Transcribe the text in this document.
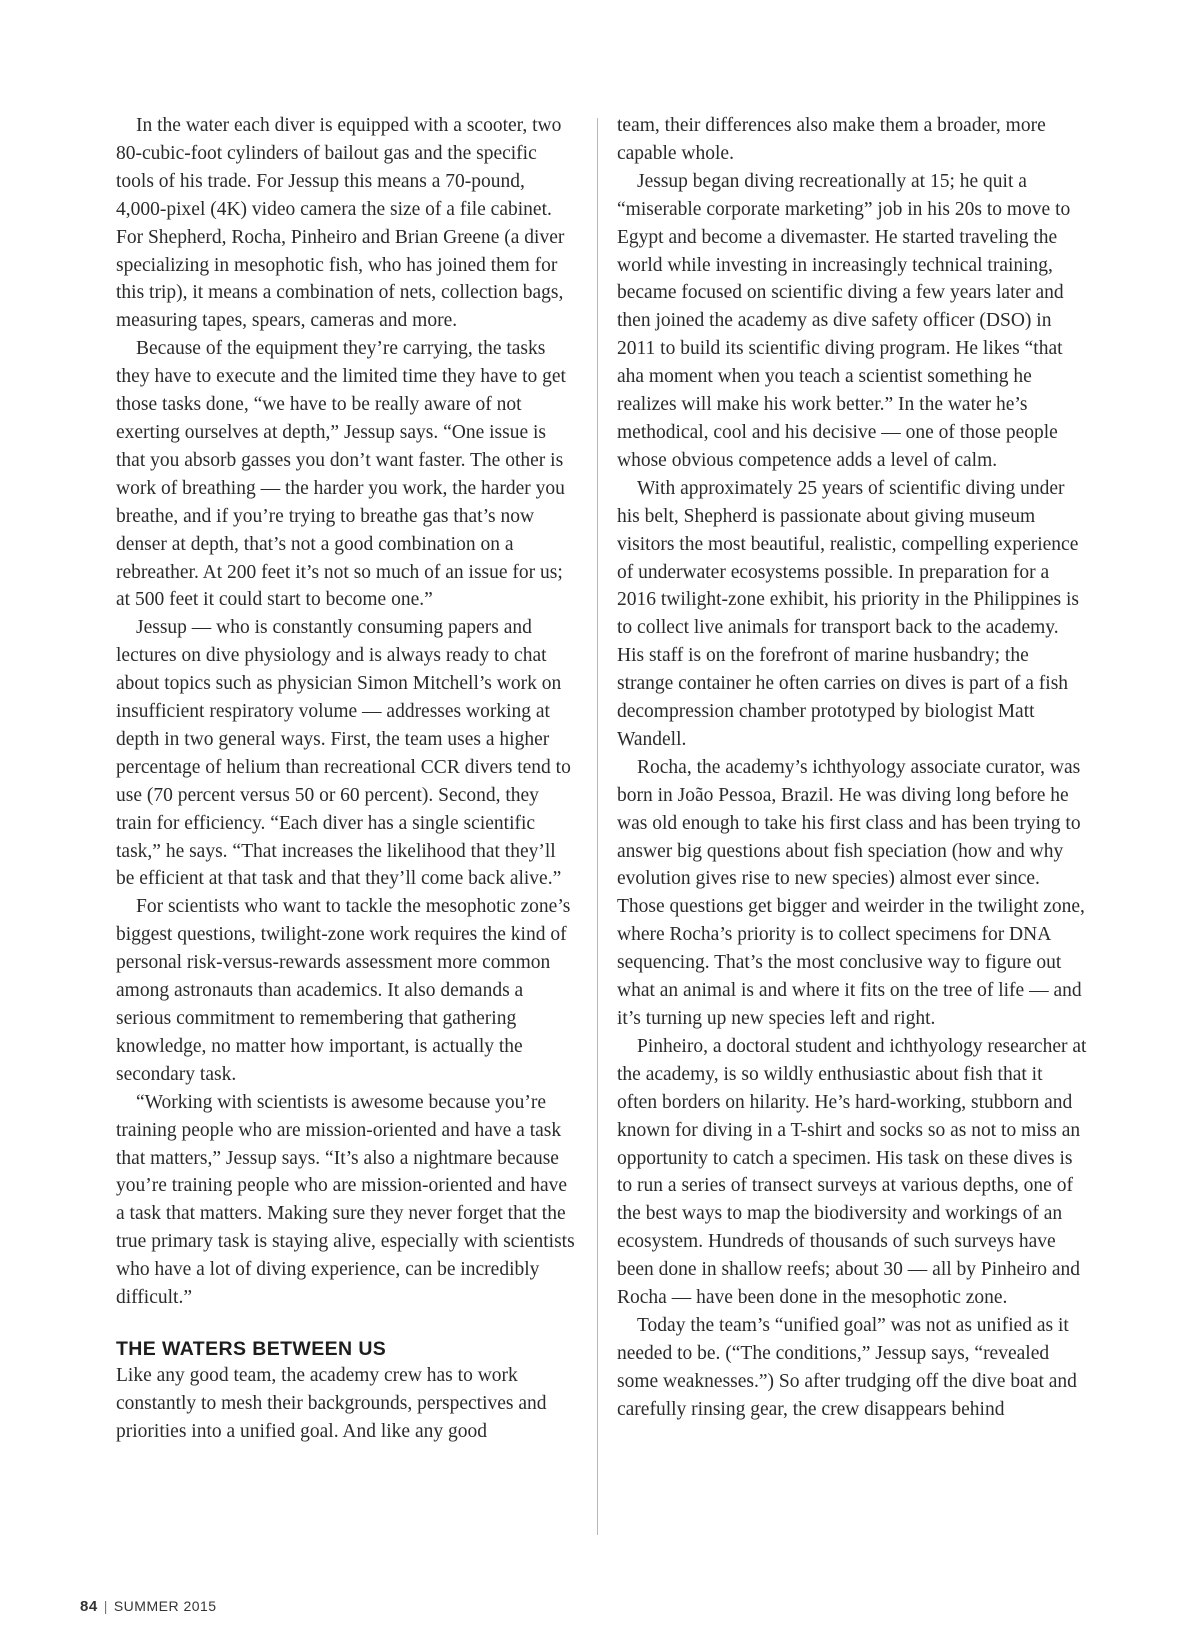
In the water each diver is equipped with a scooter, two 80-cubic-foot cylinders of bailout gas and the specific tools of his trade. For Jessup this means a 70-pound, 4,000-pixel (4K) video camera the size of a file cabinet. For Shepherd, Rocha, Pinheiro and Brian Greene (a diver specializing in mesophotic fish, who has joined them for this trip), it means a combination of nets, collection bags, measuring tapes, spears, cameras and more.

Because of the equipment they’re carrying, the tasks they have to execute and the limited time they have to get those tasks done, “we have to be really aware of not exerting ourselves at depth,” Jessup says. “One issue is that you absorb gasses you don’t want faster. The other is work of breathing — the harder you work, the harder you breathe, and if you’re trying to breathe gas that’s now denser at depth, that’s not a good combination on a rebreather. At 200 feet it’s not so much of an issue for us; at 500 feet it could start to become one.”

Jessup — who is constantly consuming papers and lectures on dive physiology and is always ready to chat about topics such as physician Simon Mitchell’s work on insufficient respiratory volume — addresses working at depth in two general ways. First, the team uses a higher percentage of helium than recreational CCR divers tend to use (70 percent versus 50 or 60 percent). Second, they train for efficiency. “Each diver has a single scientific task,” he says. “That increases the likelihood that they’ll be efficient at that task and that they’ll come back alive.”

For scientists who want to tackle the mesophotic zone’s biggest questions, twilight-zone work requires the kind of personal risk-versus-rewards assessment more common among astronauts than academics. It also demands a serious commitment to remembering that gathering knowledge, no matter how important, is actually the secondary task.

“Working with scientists is awesome because you’re training people who are mission-oriented and have a task that matters,” Jessup says. “It’s also a nightmare because you’re training people who are mission-oriented and have a task that matters. Making sure they never forget that the true primary task is staying alive, especially with scientists who have a lot of diving experience, can be incredibly difficult.”

THE WATERS BETWEEN US

Like any good team, the academy crew has to work constantly to mesh their backgrounds, perspectives and priorities into a unified goal. And like any good

team, their differences also make them a broader, more capable whole.

Jessup began diving recreationally at 15; he quit a “miserable corporate marketing” job in his 20s to move to Egypt and become a divemaster. He started traveling the world while investing in increasingly technical training, became focused on scientific diving a few years later and then joined the academy as dive safety officer (DSO) in 2011 to build its scientific diving program. He likes “that aha moment when you teach a scientist something he realizes will make his work better.” In the water he’s methodical, cool and his decisive — one of those people whose obvious competence adds a level of calm.

With approximately 25 years of scientific diving under his belt, Shepherd is passionate about giving museum visitors the most beautiful, realistic, compelling experience of underwater ecosystems possible. In preparation for a 2016 twilight-zone exhibit, his priority in the Philippines is to collect live animals for transport back to the academy. His staff is on the forefront of marine husbandry; the strange container he often carries on dives is part of a fish decompression chamber prototyped by biologist Matt Wandell.

Rocha, the academy’s ichthyology associate curator, was born in João Pessoa, Brazil. He was diving long before he was old enough to take his first class and has been trying to answer big questions about fish speciation (how and why evolution gives rise to new species) almost ever since. Those questions get bigger and weirder in the twilight zone, where Rocha’s priority is to collect specimens for DNA sequencing. That’s the most conclusive way to figure out what an animal is and where it fits on the tree of life — and it’s turning up new species left and right.

Pinheiro, a doctoral student and ichthyology researcher at the academy, is so wildly enthusiastic about fish that it often borders on hilarity. He’s hard-working, stubborn and known for diving in a T-shirt and socks so as not to miss an opportunity to catch a specimen. His task on these dives is to run a series of transect surveys at various depths, one of the best ways to map the biodiversity and workings of an ecosystem. Hundreds of thousands of such surveys have been done in shallow reefs; about 30 — all by Pinheiro and Rocha — have been done in the mesophotic zone.

Today the team’s “unified goal” was not as unified as it needed to be. (“The conditions,” Jessup says, “revealed some weaknesses.”) So after trudging off the dive boat and carefully rinsing gear, the crew disappears behind

84 | SUMMER 2015
